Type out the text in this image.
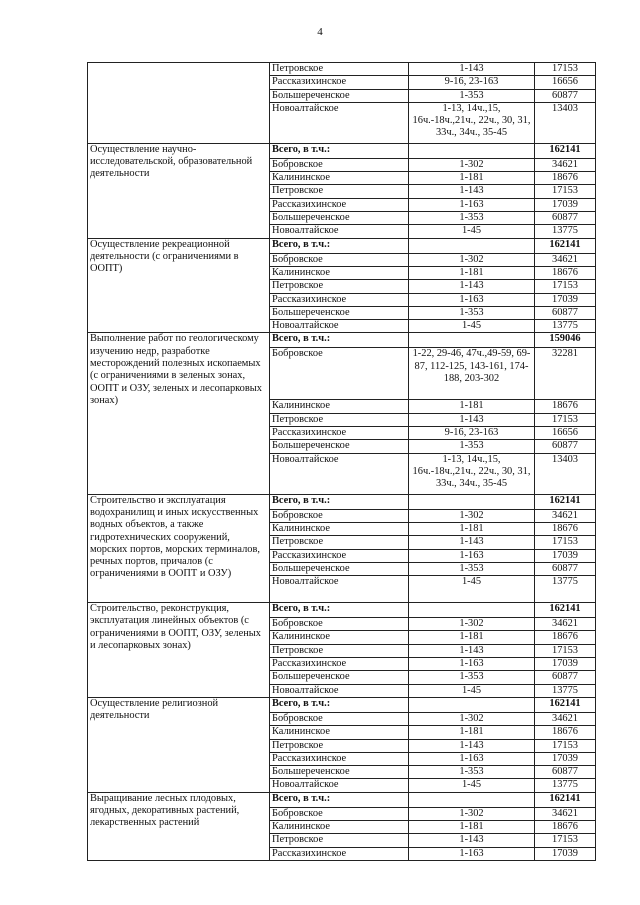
4
	Петровское	1-143	17153
	Рассказихинское	9-16, 23-163	16656
	Большереченское	1-353	60877
	Новоалтайское	1-13, 14ч.,15, 16ч.-18ч.,21ч., 22ч., 30, 31, 33ч., 34ч., 35-45	13403
Осуществление научно-исследовательской, образовательной деятельности	Всего, в т.ч.:		162141
	Бобровское	1-302	34621
	Калининское	1-181	18676
	Петровское	1-143	17153
	Рассказихинское	1-163	17039
	Большереченское	1-353	60877
	Новоалтайское	1-45	13775
Осуществление рекреационной деятельности (с ограничениями в ООПТ)	Всего, в т.ч.:		162141
	Бобровское	1-302	34621
	Калининское	1-181	18676
	Петровское	1-143	17153
	Рассказихинское	1-163	17039
	Большереченское	1-353	60877
	Новоалтайское	1-45	13775
Выполнение работ по геологическому изучению недр, разработке месторождений полезных ископаемых (с ограничениями в зеленых зонах, ООПТ и ОЗУ, зеленых и лесопарковых зонах)	Всего, в т.ч.:		159046
	Бобровское	1-22, 29-46, 47ч.,49-59, 69-87, 112-125, 143-161, 174-188, 203-302	32281
	Калининское	1-181	18676
	Петровское	1-143	17153
	Рассказихинское	9-16, 23-163	16656
	Большереченское	1-353	60877
	Новоалтайское	1-13, 14ч.,15, 16ч.-18ч.,21ч., 22ч., 30, 31, 33ч., 34ч., 35-45	13403
Строительство и эксплуатация водохранилищ и иных искусственных водных объектов, а также гидротехнических сооружений, морских портов, морских терминалов, речных портов, причалов (с ограничениями в ООПТ и ОЗУ)	Всего, в т.ч.:		162141
	Бобровское	1-302	34621
	Калининское	1-181	18676
	Петровское	1-143	17153
	Рассказихинское	1-163	17039
	Большереченское	1-353	60877
	Новоалтайское	1-45	13775
Строительство, реконструкция, эксплуатация линейных объектов (с ограничениями в ООПТ, ОЗУ, зеленых и лесопарковых зонах)	Всего, в т.ч.:		162141
	Бобровское	1-302	34621
	Калининское	1-181	18676
	Петровское	1-143	17153
	Рассказихинское	1-163	17039
	Большереченское	1-353	60877
	Новоалтайское	1-45	13775
Осуществление религиозной деятельности	Всего, в т.ч.:		162141
	Бобровское	1-302	34621
	Калининское	1-181	18676
	Петровское	1-143	17153
	Рассказихинское	1-163	17039
	Большереченское	1-353	60877
	Новоалтайское	1-45	13775
Выращивание лесных плодовых, ягодных, декоративных растений, лекарственных растений	Всего, в т.ч.:		162141
	Бобровское	1-302	34621
	Калининское	1-181	18676
	Петровское	1-143	17153
	Рассказихинское	1-163	17039
